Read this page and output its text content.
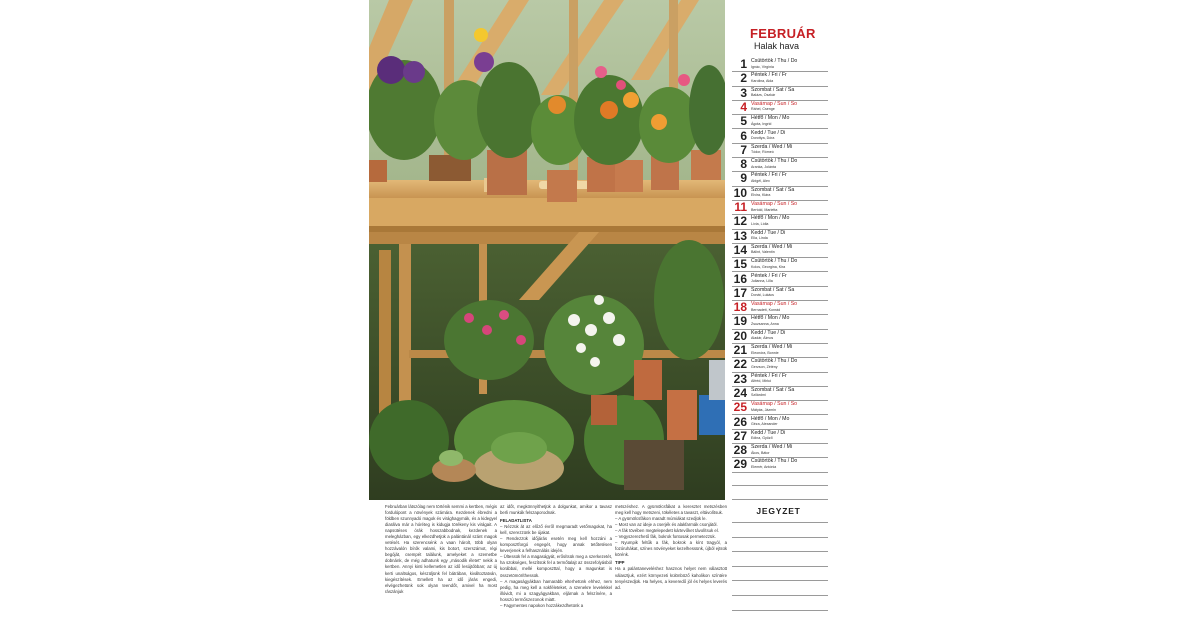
FEBRUÁR
Halak hava
1 Csütörtök / Thu / Do
Ignác, Virgínia
2 Péntek / Fri / Fr
Karolina, Aida
3 Szombat / Sat / Sa
Balázs, Oszkár
4 Vasárnap / Sun / So
Ráhel, Csenge
5 Hétfő / Mon / Mo
Ágota, Ingrid
6 Kedd / Tue / Di
Dorottya, Dóra
7 Szerda / Wed / Mi
Tódor, Rómeó
8 Csütörtök / Thu / Do
Aranka, Jolánta
9 Péntek / Fri / Fr
Abigél, Alex
10 Szombat / Sat / Sa
Elvira, Klára
11 Vasárnap / Sun / So
Bertold, Marietta
12 Hétfő / Mon / Mo
Lívia, Lídia
13 Kedd / Tue / Di
Ella, Linda
14 Szerda / Wed / Mi
Bálint, Valentin
15 Csütörtök / Thu / Do
Kolos, Georgina, Kira
16 Péntek / Fri / Fr
Julianna, Lilla
17 Szombat / Sat / Sa
Donát, Lukács
18 Vasárnap / Sun / So
Bernadett, Konrád
19 Hétfő / Mon / Mo
Zsuzsanna, Anna
20 Kedd / Tue / Di
Aladár, Álmos
21 Szerda / Wed / Mi
Eleonóra, Bonnie
22 Csütörtök / Thu / Do
Gerzson, Zétény
23 Péntek / Fri / Fr
Alfréd, Mirkó
24 Szombat / Sat / Sa
Szilárdmi
25 Vasárnap / Sun / So
Mátyás, Jázmin
26 Hétfő / Mon / Mo
Géza, Alexander
27 Kedd / Tue / Di
Edina, Gyöző
28 Szerda / Wed / Mi
Ákos, Bátor
29 Csütörtök / Thu / Do
Elemér, Antónia
JEGYZET

Februárban látszólag nem történik semmi a kertben, mégis fordulópont a növények számára. Kezdenek ébredni a földben szunnyadó magok és virághagymák, és a kidegyel diarálva már a hóréteg is kidugja törékeny kis virágait. A napsütéses órák hosszabbodnak, kezdenek a melegházban, egy elkezdhetjük a palántánál szánt magok vetését. Ha szerencsénk a vaan hárolt, több olyan hozzávalón bírók valami, kis botort, szerszámot, régi begóját, csempét találunk, amelyeket a szemetbe dobnánk, de még adhatunk egy „második életet” nekik a kertben. Annyi kinti kellemetlen az idő lesújtóbban; az új kerti unaltságos, készüljünk fel bátrában, kiváltoztatván, kiegészítések. Emellett ha az idő járás engedi, elvégezhetünk sok olyan teendőt, amivel ha most rászánjuk

az időt, megkönnyíthetjük a dolgunkat, amikor a tavasz berli munkák felszaporodnak.

FELADATLISTA

– Nézzük át az előző évről megmaradt vetőmagokat, ha kell, szerezzünk be újakat.

– Rendezzük időjárás esetén meg kell hozzáni a komposztforgó engegét, hogy annak tetőtetésen keverjenek a felhasználás idején.

– Ültessük fel a magaságyát, erősítsük meg a szerkezetét, ha szükséges, feszítsük fel a termőtalajt az összefolyásból korábbal, mellé komposzttal, hogy a magunkat is összetömöríthessük.

– A magaságyákban hamarabb elterhetünk ehhez, nem pedig, ha meg kell a sokféleteket, a szenekre levelekkel illóvidt, mi a szagyágyakban, eljárnak a felszínére, a hosszú termőszezonok miatt.

– Fagymentes napokon hozzákezdhetünk a

metszéshez. A gyümölcsfákat a keresztet metszésben meg kell hogy metszeni, tökéletes a tavaszt, eltávolítsuk.

– A gyümölcsfákon maradt múmiákat szedjük le.

– Most van az ideje a cserjék és alakfarmák csonjától.

– A fák tövében megtelepedett kártevőket távolítsuk el.

– Vegyszerezhető fák, bokrok fontosak permetezzük.

– Nyumpik feltűk a fák, bokrok a kínt tragyól, a fozóruhákat, színes növényeket kezelhessünk, újból ejtsük körénk.

TIPP

Ha a palántaneveléshez hasznos helyet nem választott választjuk, ezért környezeti különböző kaholikon színtére tenyészedjük. Ha helyes, a keveredő jól és helyes leverés ad.
